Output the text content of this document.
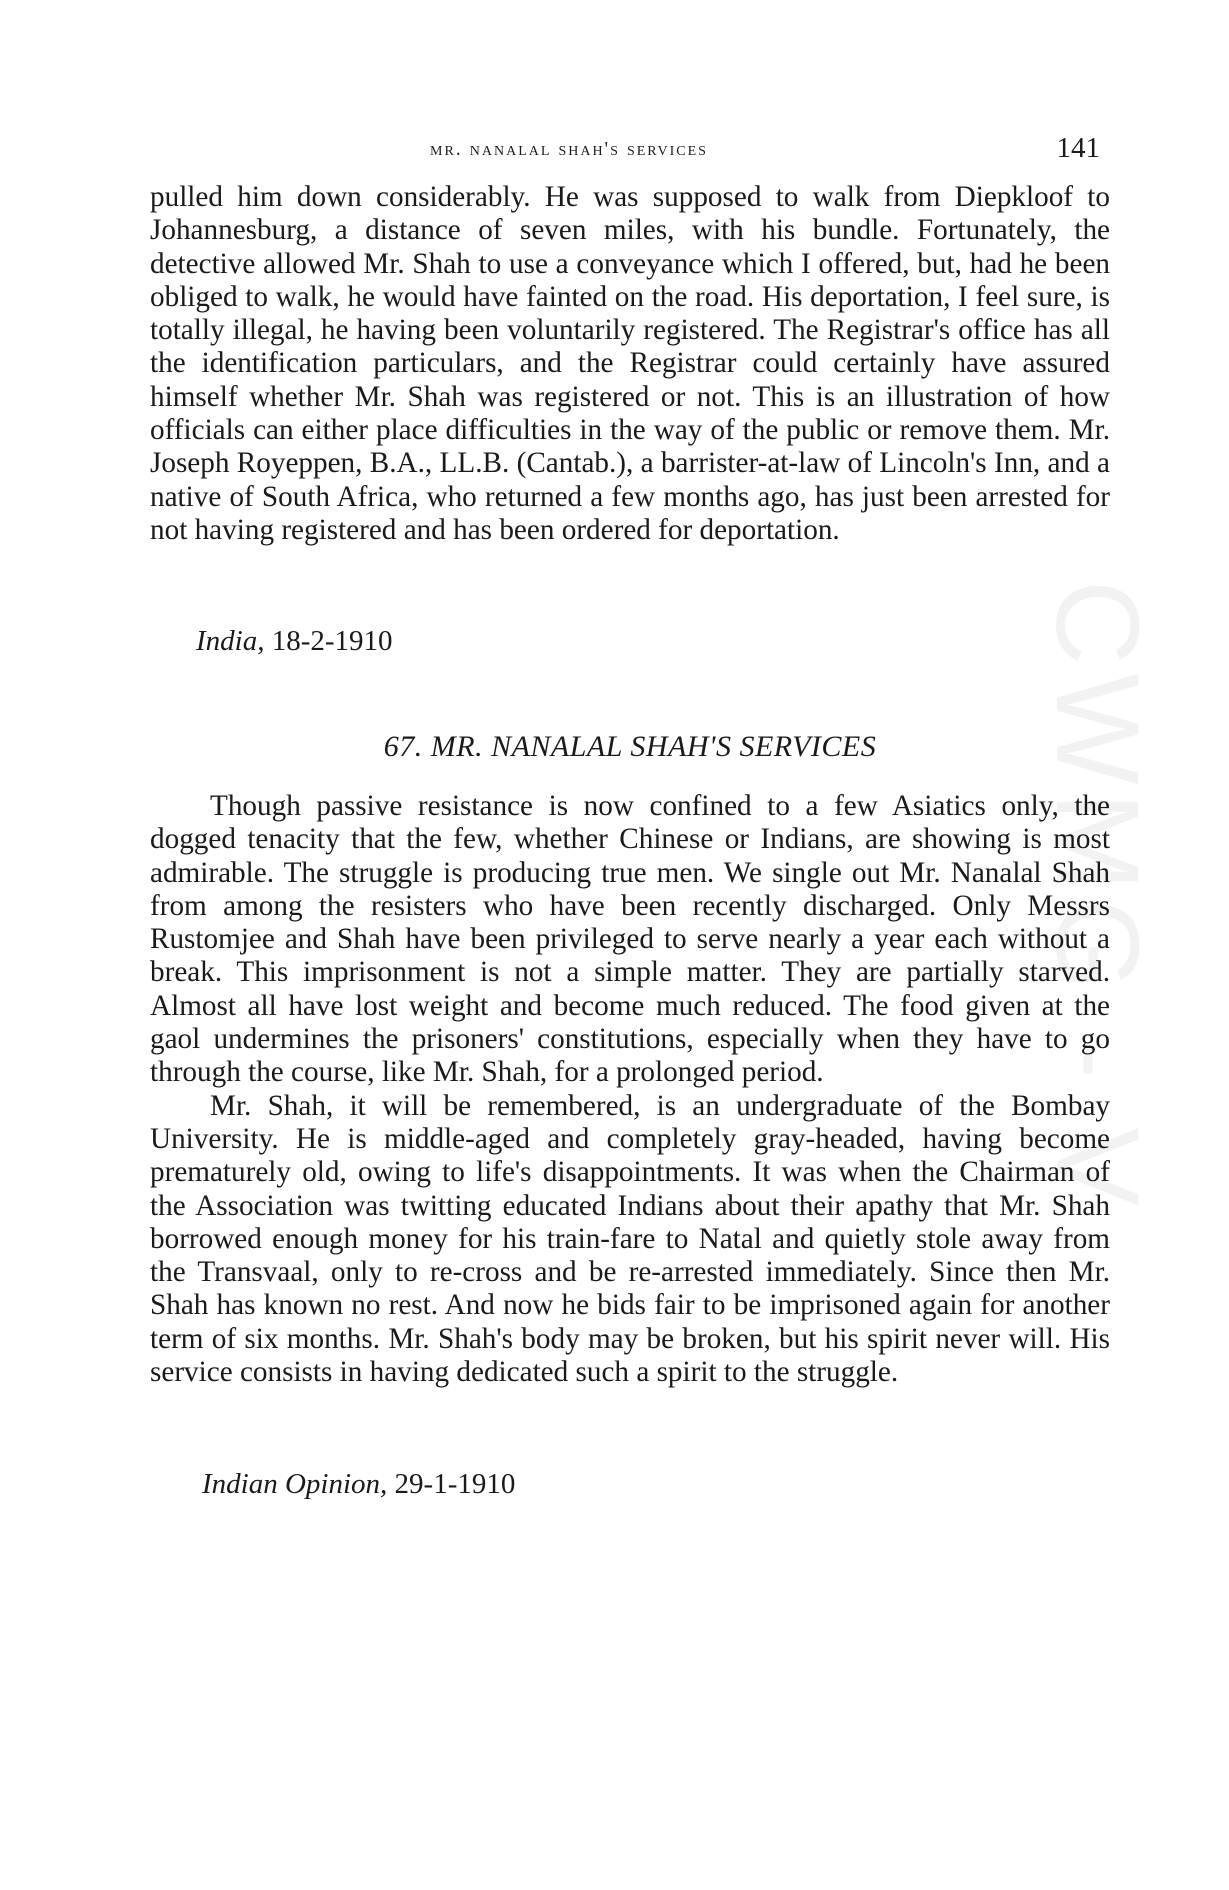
mr. nanalal shah's services	141

pulled him down considerably. He was supposed to walk from Diepkloof to Johannesburg, a distance of seven miles, with his bundle. Fortunately, the detective allowed Mr. Shah to use a conveyance which I offered, but, had he been obliged to walk, he would have fainted on the road. His deportation, I feel sure, is totally illegal, he having been voluntarily registered. The Registrar's office has all the identification particulars, and the Registrar could certainly have assured himself whether Mr. Shah was registered or not. This is an illustration of how officials can either place difficulties in the way of the public or remove them. Mr. Joseph Royeppen, B.A., LL.B. (Cantab.), a barrister-at-law of Lincoln's Inn, and a native of South Africa, who returned a few months ago, has just been arrested for not having registered and has been ordered for deportation.

India, 18-2-1910
67. MR. NANALAL SHAH'S SERVICES

Though passive resistance is now confined to a few Asiatics only, the dogged tenacity that the few, whether Chinese or Indians, are showing is most admirable. The struggle is producing true men. We single out Mr. Nanalal Shah from among the resisters who have been recently discharged. Only Messrs Rustomjee and Shah have been privileged to serve nearly a year each without a break. This imprisonment is not a simple matter. They are partially starved. Almost all have lost weight and become much reduced. The food given at the gaol undermines the prisoners' constitutions, especially when they have to go through the course, like Mr. Shah, for a prolonged period.

Mr. Shah, it will be remembered, is an undergraduate of the Bombay University. He is middle-aged and completely gray-headed, having become prematurely old, owing to life's disappointments. It was when the Chairman of the Association was twitting educated Indians about their apathy that Mr. Shah borrowed enough money for his train-fare to Natal and quietly stole away from the Transvaal, only to re-cross and be re-arrested immediately. Since then Mr. Shah has known no rest. And now he bids fair to be imprisoned again for another term of six months. Mr. Shah's body may be broken, but his spirit never will. His service consists in having dedicated such a spirit to the struggle.

Indian Opinion, 29-1-1910
CWMG - V
